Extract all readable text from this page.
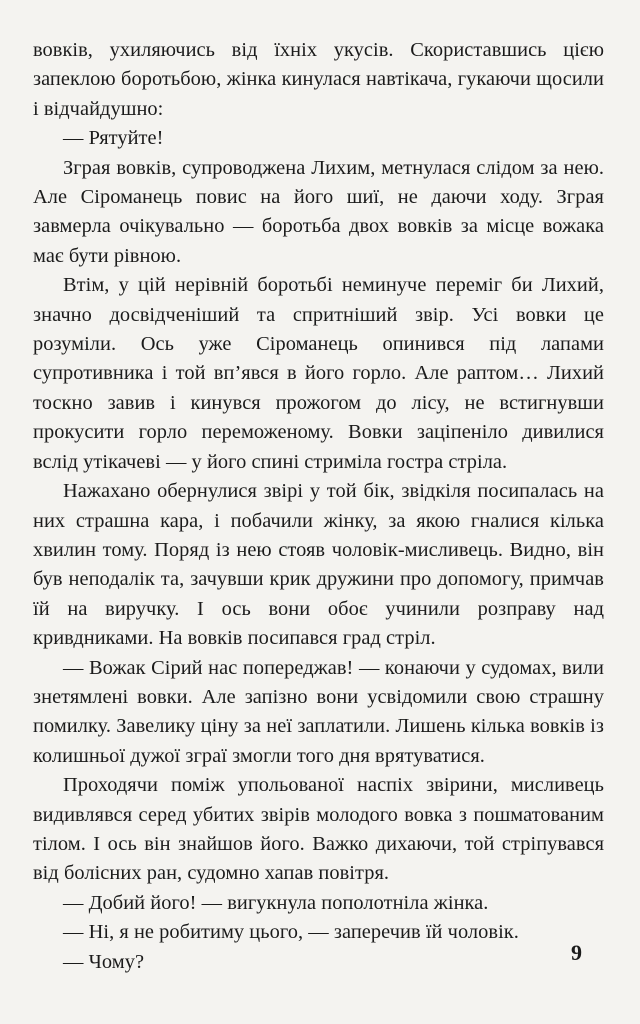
вовків, ухиляючись від їхніх укусів. Скориставшись цією запеклою боротьбою, жінка кинулася навтікача, гукаючи щосили і відчайдушно:

— Рятуйте!

Зграя вовків, супроводжена Лихим, метнулася слідом за нею. Але Сіроманець повис на його шиї, не даючи ходу. Зграя завмерла очікувально — боротьба двох вовків за місце вожака має бути рівною.

Втім, у цій нерівній боротьбі неминуче переміг би Лихий, значно досвідченіший та спритніший звір. Усі вовки це розуміли. Ось уже Сіроманець опинився під лапами супротивника і той вп’явся в його горло. Але раптом… Лихий тоскно завив і кинувся прожогом до лісу, не встигнувши прокусити горло переможеному. Вовки заціпеніло дивилися вслід утікачеві — у його спині стриміла гостра стріла.

Нажахано обернулися звірі у той бік, звідкіля посипалась на них страшна кара, і побачили жінку, за якою гналися кілька хвилин тому. Поряд із нею стояв чоловік-мисливець. Видно, він був неподалік та, зачувши крик дружини про допомогу, примчав їй на виручку. І ось вони обоє учинили розправу над кривдниками. На вовків посипався град стріл.

— Вожак Сірий нас попереджав! — конаючи у судомах, вили знетямлені вовки. Але запізно вони усвідомили свою страшну помилку. Завелику ціну за неї заплатили. Лишень кілька вовків із колишньої дужої зграї змогли того дня врятуватися.

Проходячи поміж упольованої наспіх звірини, мисливець видивлявся серед убитих звірів молодого вовка з пошматованим тілом. І ось він знайшов його. Важко дихаючи, той стріпувався від болісних ран, судомно хапав повітря.

— Добий його! — вигукнула пополотніла жінка.

— Ні, я не робитиму цього, — заперечив їй чоловік.

— Чому?	9
